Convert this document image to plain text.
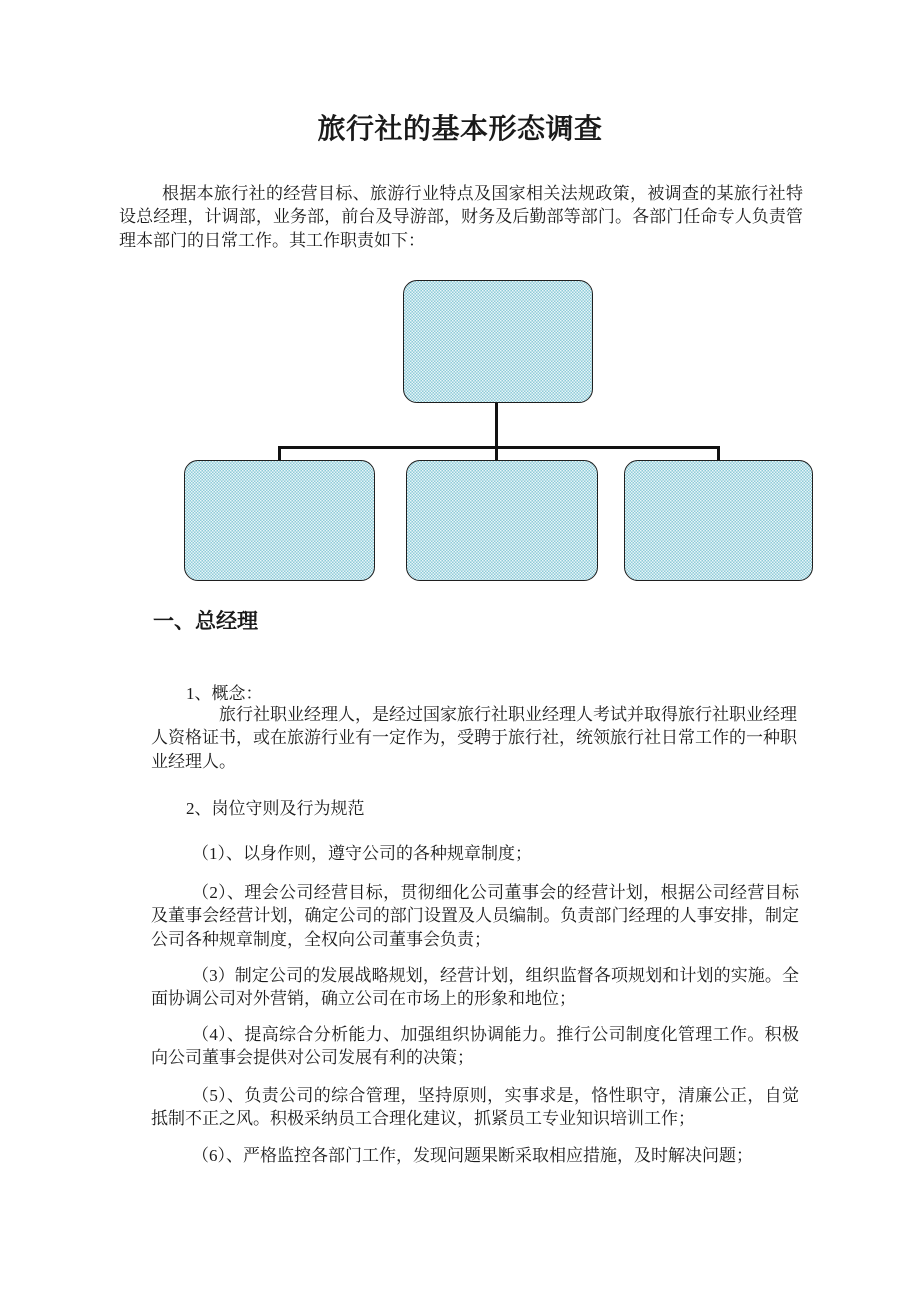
旅行社的基本形态调查

根据本旅行社的经营目标、旅游行业特点及国家相关法规政策，被调查的某旅行社特设总经理，计调部，业务部，前台及导游部，财务及后勤部等部门。各部门任命专人负责管理本部门的日常工作。其工作职责如下：

一、总经理

1、概念：

旅行社职业经理人，是经过国家旅行社职业经理人考试并取得旅行社职业经理人资格证书，或在旅游行业有一定作为，受聘于旅行社，统领旅行社日常工作的一种职业经理人。

2、岗位守则及行为规范

（1）、以身作则，遵守公司的各种规章制度；

（2）、理会公司经营目标，贯彻细化公司董事会的经营计划，根据公司经营目标及董事会经营计划，确定公司的部门设置及人员编制。负责部门经理的人事安排，制定公司各种规章制度，全权向公司董事会负责；

（3）制定公司的发展战略规划，经营计划，组织监督各项规划和计划的实施。全面协调公司对外营销，确立公司在市场上的形象和地位；

（4）、提高综合分析能力、加强组织协调能力。推行公司制度化管理工作。积极向公司董事会提供对公司发展有利的决策；

（5）、负责公司的综合管理，坚持原则，实事求是，恪性职守，清廉公正，自觉抵制不正之风。积极采纳员工合理化建议，抓紧员工专业知识培训工作；

（6）、严格监控各部门工作，发现问题果断采取相应措施，及时解决问题；
